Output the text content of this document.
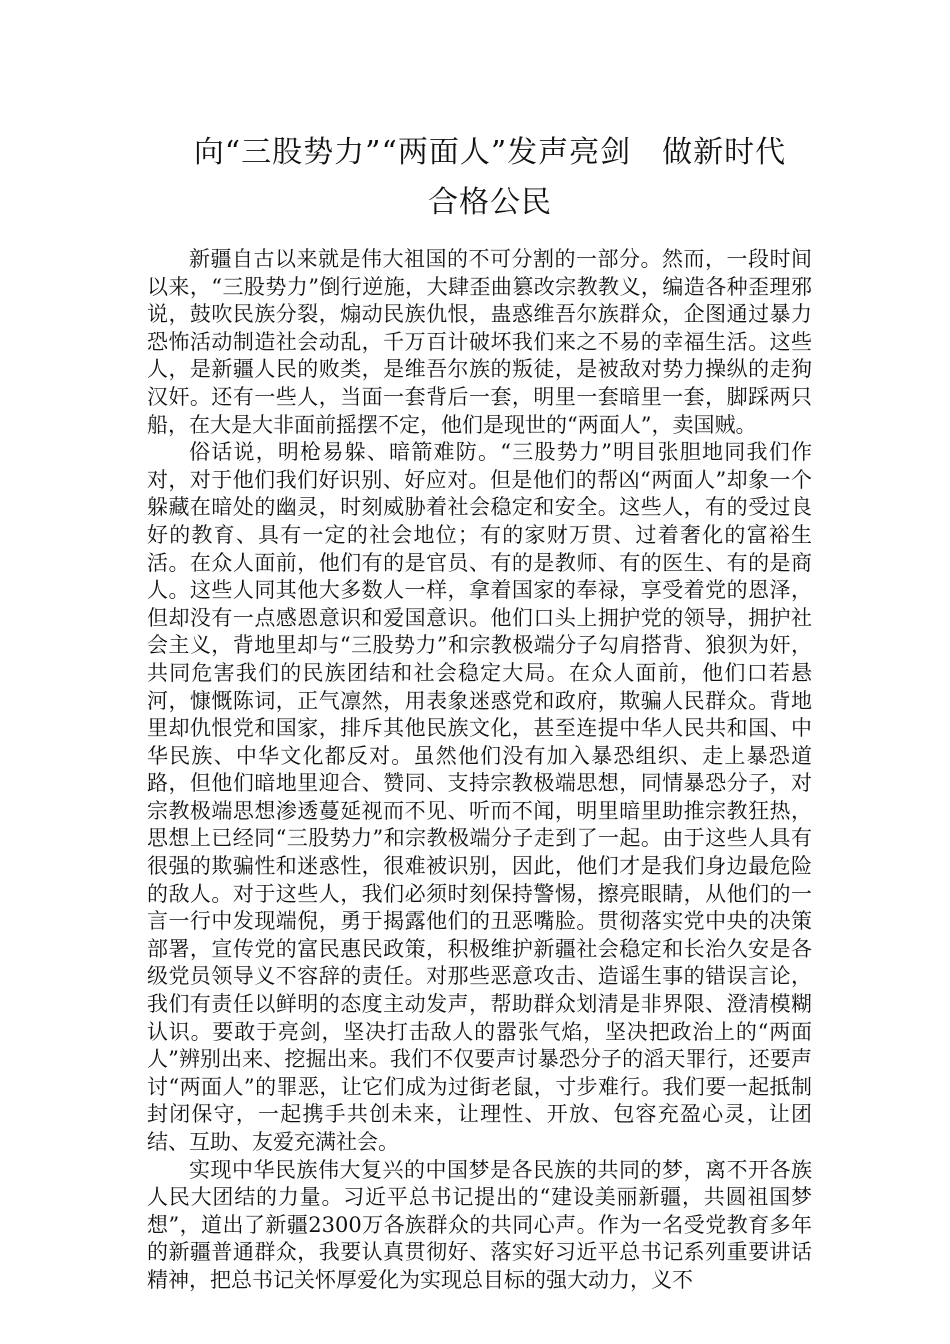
向“三股势力”“两面人”发声亮剑　做新时代
合格公民

新疆自古以来就是伟大祖国的不可分割的一部分。然而，一段时间以来，“三股势力”倒行逆施，大肆歪曲篡改宗教教义，编造各种歪理邪说，鼓吹民族分裂，煽动民族仇恨，蛊惑维吾尔族群众，企图通过暴力恐怖活动制造社会动乱，千万百计破坏我们来之不易的幸福生活。这些人，是新疆人民的败类，是维吾尔族的叛徒，是被敌对势力操纵的走狗汉奸。还有一些人，当面一套背后一套，明里一套暗里一套，脚踩两只船，在大是大非面前摇摆不定，他们是现世的“两面人”，卖国贼。

俗话说，明枪易躲、暗箭难防。“三股势力”明目张胆地同我们作对，对于他们我们好识别、好应对。但是他们的帮凶“两面人”却象一个躲藏在暗处的幽灵，时刻威胁着社会稳定和安全。这些人，有的受过良好的教育、具有一定的社会地位；有的家财万贯、过着奢化的富裕生活。在众人面前，他们有的是官员、有的是教师、有的医生、有的是商人。这些人同其他大多数人一样，拿着国家的奉禄，享受着党的恩泽，但却没有一点感恩意识和爱国意识。他们口头上拥护党的领导，拥护社会主义，背地里却与“三股势力”和宗教极端分子勾肩搭背、狼狈为奸，共同危害我们的民族团结和社会稳定大局。在众人面前，他们口若悬河，慷慨陈词，正气凛然，用表象迷惑党和政府，欺骗人民群众。背地里却仇恨党和国家，排斥其他民族文化，甚至连提中华人民共和国、中华民族、中华文化都反对。虽然他们没有加入暴恐组织、走上暴恐道路，但他们暗地里迎合、赞同、支持宗教极端思想，同情暴恐分子，对宗教极端思想渗透蔓延视而不见、听而不闻，明里暗里助推宗教狂热，思想上已经同“三股势力”和宗教极端分子走到了一起。由于这些人具有很强的欺骗性和迷惑性，很难被识别，因此，他们才是我们身边最危险的敌人。对于这些人，我们必须时刻保持警惕，擦亮眼睛，从他们的一言一行中发现端倪，勇于揭露他们的丑恶嘴脸。贯彻落实党中央的决策部署，宣传党的富民惠民政策，积极维护新疆社会稳定和长治久安是各级党员领导义不容辞的责任。对那些恶意攻击、造谣生事的错误言论，我们有责任以鲜明的态度主动发声，帮助群众划清是非界限、澄清模糊认识。要敢于亮剑，坚决打击敌人的嚣张气焰，坚决把政治上的“两面人”辨别出来、挖掘出来。我们不仅要声讨暴恐分子的滔天罪行，还要声讨“两面人”的罪恶，让它们成为过街老鼠，寸步难行。我们要一起抵制封闭保守，一起携手共创未来，让理性、开放、包容充盈心灵，让团结、互助、友爱充满社会。

实现中华民族伟大复兴的中国梦是各民族的共同的梦，离不开各族人民大团结的力量。习近平总书记提出的“建设美丽新疆，共圆祖国梦想”，道出了新疆2300万各族群众的共同心声。作为一名受党教育多年的新疆普通群众，我要认真贯彻好、落实好习近平总书记系列重要讲话精神，把总书记关怀厚爱化为实现总目标的强大动力，义不
